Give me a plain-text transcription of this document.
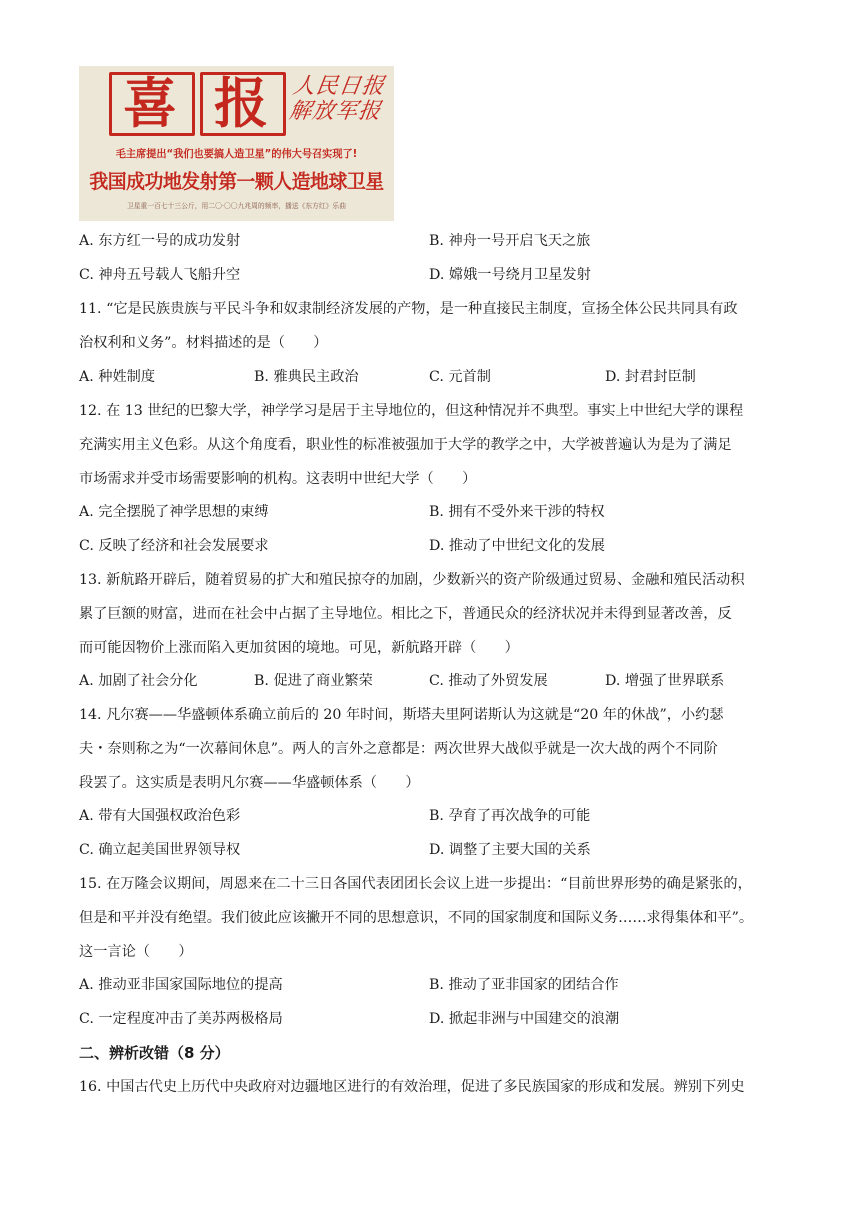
喜 报	人民日报
解放军报
毛主席提出“我们也要搞人造卫星”的伟大号召实现了!
我国成功地发射第一颗人造地球卫星
卫星重一百七十三公斤，用二〇·〇〇九兆周的频率，播送《东方红》乐曲
A. 东方红一号的成功发射	B. 神舟一号开启飞天之旅
C. 神舟五号载人飞船升空	D. 嫦娥一号绕月卫星发射
11. “它是民族贵族与平民斗争和奴隶制经济发展的产物，是一种直接民主制度，宣扬全体公民共同具有政
治权利和义务”。材料描述的是（　　）
A. 种姓制度	B. 雅典民主政治	C. 元首制	D. 封君封臣制
12. 在 13 世纪的巴黎大学，神学学习是居于主导地位的，但这种情况并不典型。事实上中世纪大学的课程
充满实用主义色彩。从这个角度看，职业性的标准被强加于大学的教学之中，大学被普遍认为是为了满足
市场需求并受市场需要影响的机构。这表明中世纪大学（　　）
A. 完全摆脱了神学思想的束缚	B. 拥有不受外来干涉的特权
C. 反映了经济和社会发展要求	D. 推动了中世纪文化的发展
13. 新航路开辟后，随着贸易的扩大和殖民掠夺的加剧，少数新兴的资产阶级通过贸易、金融和殖民活动积
累了巨额的财富，进而在社会中占据了主导地位。相比之下，普通民众的经济状况并未得到显著改善，反
而可能因物价上涨而陷入更加贫困的境地。可见，新航路开辟（　　）
A. 加剧了社会分化	B. 促进了商业繁荣	C. 推动了外贸发展	D. 增强了世界联系
14. 凡尔赛——华盛顿体系确立前后的 20 年时间，斯塔夫里阿诺斯认为这就是“20 年的休战”，小约瑟
夫・奈则称之为“一次幕间休息”。两人的言外之意都是：两次世界大战似乎就是一次大战的两个不同阶
段罢了。这实质是表明凡尔赛——华盛顿体系（　　）
A. 带有大国强权政治色彩	B. 孕育了再次战争的可能
C. 确立起美国世界领导权	D. 调整了主要大国的关系
15. 在万隆会议期间，周恩来在二十三日各国代表团团长会议上进一步提出：“目前世界形势的确是紧张的，
但是和平并没有绝望。我们彼此应该撇开不同的思想意识，不同的国家制度和国际义务……求得集体和平”。
这一言论（　　）
A. 推动亚非国家国际地位的提高	B. 推动了亚非国家的团结合作
C. 一定程度冲击了美苏两极格局	D. 掀起非洲与中国建交的浪潮
二、辨析改错（8 分）
16. 中国古代史上历代中央政府对边疆地区进行的有效治理，促进了多民族国家的形成和发展。辨别下列史
